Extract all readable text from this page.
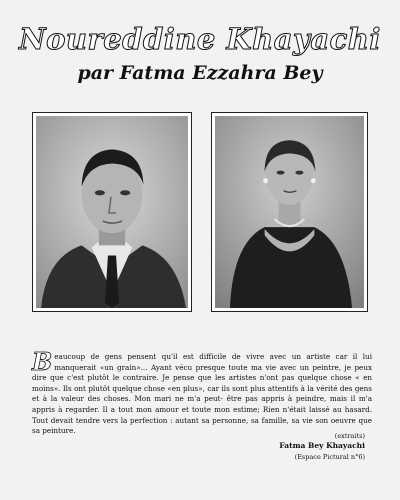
Noureddine Khayachi
par Fatma Ezzahra Bey
Beaucoup de gens pensent qu'il est difficile de vivre avec un artiste car il lui manquerait «un grain»... Ayant vécu presque toute ma vie avec un peintre, je peux dire que c'est plutôt le contraire. Je pense que les artistes n'ont pas quelque chose « en moins». Ils ont plutôt quelque chose «en plus», car ils sont plus attentifs à la vérité des gens et à la valeur des choses. Mon mari ne m'a peut- être pas appris à peindre, mais il m'a appris à regarder. Il a tout mon amour et toute mon estime; Rien n'était laissé au hasard. Tout devait tendre vers la perfection : autant sa personne, sa famille, sa vie son oeuvre que sa peinture.
(extraits)
Fatma Bey Khayachi
(Espace Pictural n°6)
